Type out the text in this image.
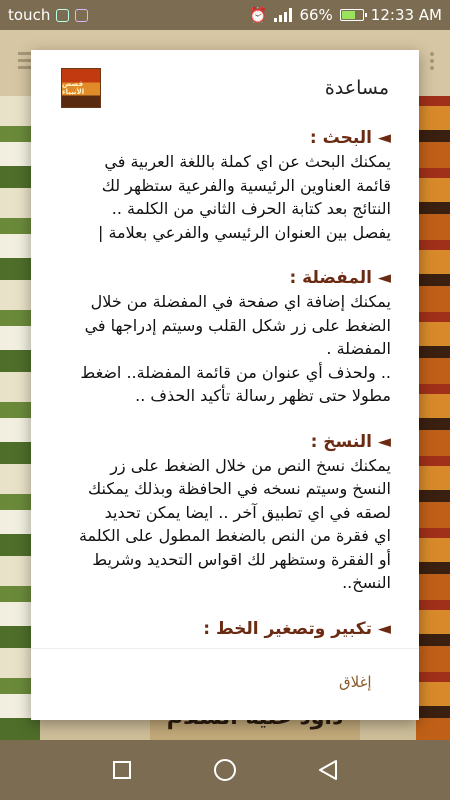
touch	⏰ 66%	12:33 AM
قصص الأنبياء	مساعدة
◄ البحث :
يمكنك البحث عن اي كملة باللغة العربية في
قائمة العناوين الرئيسية والفرعية ستظهر لك
النتائج بعد كتابة الحرف الثاني من الكلمة ..
يفصل بين العنوان الرئيسي والفرعي بعلامة |
◄ المفضلة :
يمكنك إضافة اي صفحة في المفضلة من خلال
الضغط على زر شكل القلب وسيتم إدراجها في
المفضلة .
.. ولحذف أي عنوان من قائمة المفضلة.. اضغط
مطولا حتى تظهر رسالة تأكيد الحذف ..
◄ النسخ :
يمكنك نسخ النص من خلال الضغط على زر
النسخ وسيتم نسخه في الحافظة وبذلك يمكنك
لصقه في اي تطبيق آخر .. ايضا يمكن تحديد
اي فقرة من النص بالضغط المطول على الكلمة
أو الفقرة وستظهر لك اقواس التحديد وشريط
النسخ..
◄ تكبير وتصغير الخط :
إغلاق
